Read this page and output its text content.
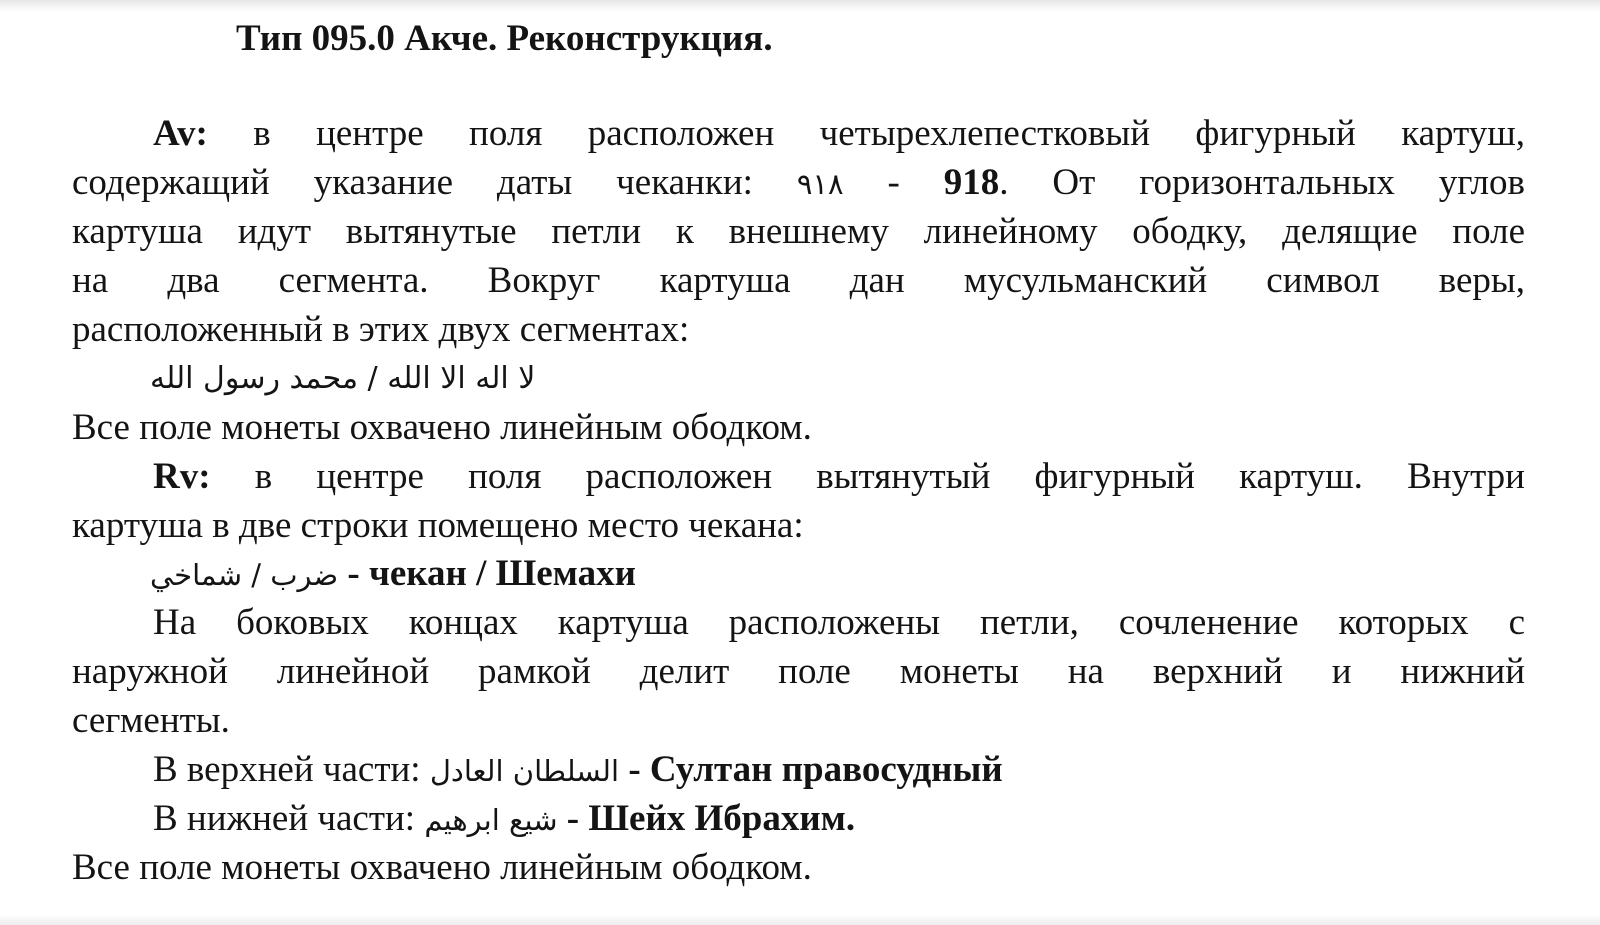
Тип 095.0 Акче. Реконструкция.
Av: в центре поля расположен четырехлепестковый фигурный картуш,
содержащий указание даты чеканки: ٩١٨ - 918. От горизонтальных углов
картуша идут вытянутые петли к внешнему линейному ободку, делящие поле
на два сегмента. Вокруг картуша дан мусульманский символ веры,
расположенный в этих двух сегментах:
لا اله الا الله / محمد رسول الله
Все поле монеты охвачено линейным ободком.
Rv: в центре поля расположен вытянутый фигурный картуш. Внутри
картуша в две строки помещено место чекана:
ضرب / شماخي - чекан / Шемахи
На боковых концах картуша расположены петли, сочленение которых с
наружной линейной рамкой делит поле монеты на верхний и нижний
сегменты.
В верхней части: السلطان العادل - Султан правосудный
В нижней части: شيع ابرهيم - Шейх Ибрахим.
Все поле монеты охвачено линейным ободком.
